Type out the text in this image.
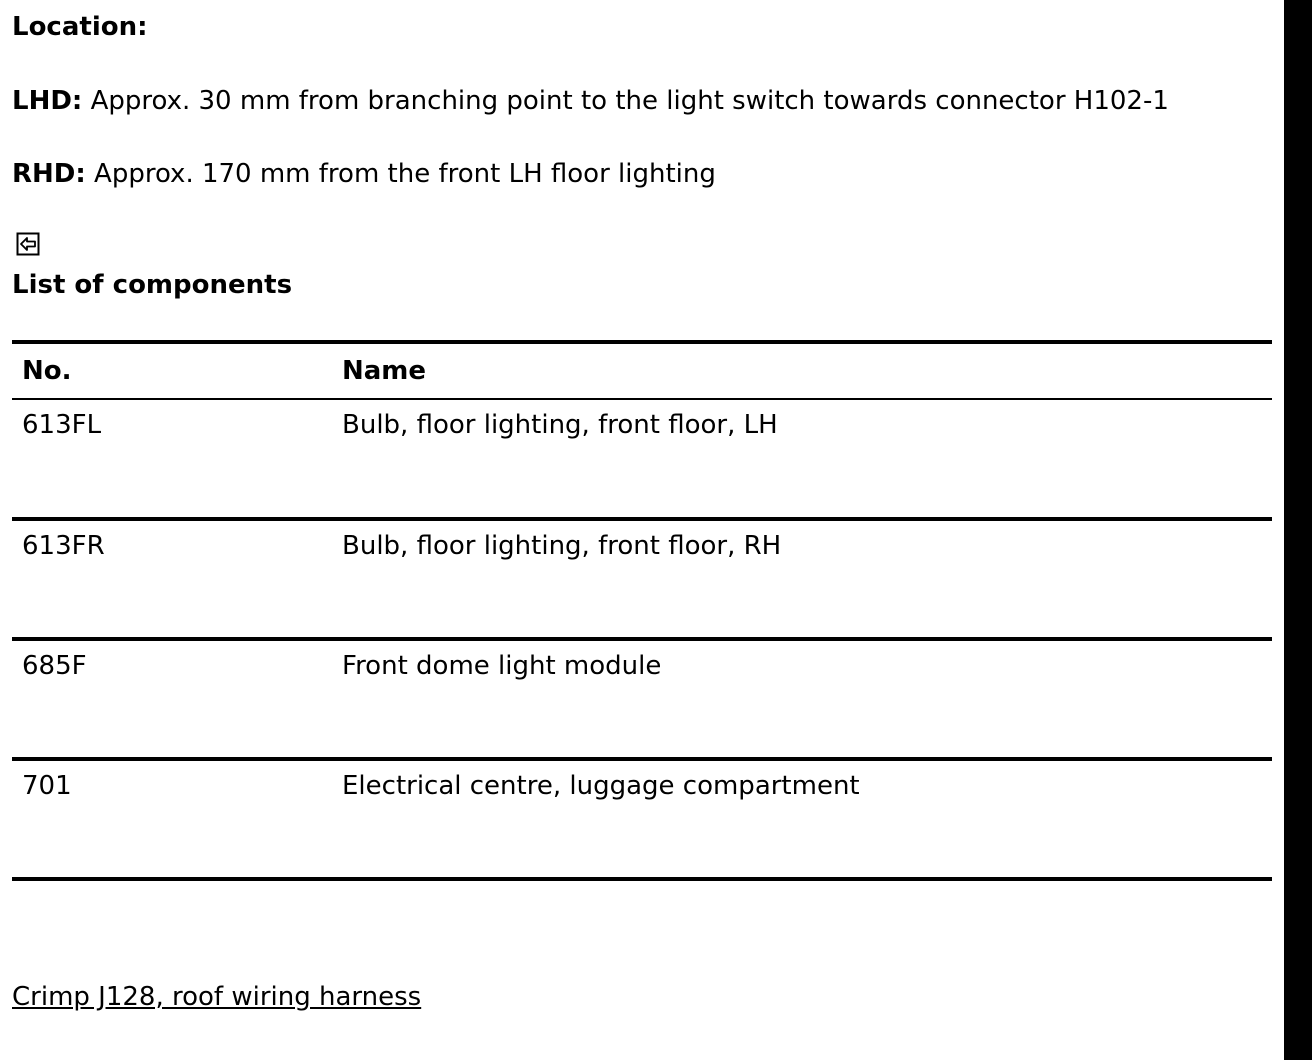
Location:
LHD: Approx. 30 mm from branching point to the light switch towards connector H102-1
RHD: Approx. 170 mm from the front LH floor lighting
List of components
No.	Name
613FL	Bulb, floor lighting, front floor, LH
613FR	Bulb, floor lighting, front floor, RH
685F	Front dome light module
701	Electrical centre, luggage compartment
Crimp J128, roof wiring harness
